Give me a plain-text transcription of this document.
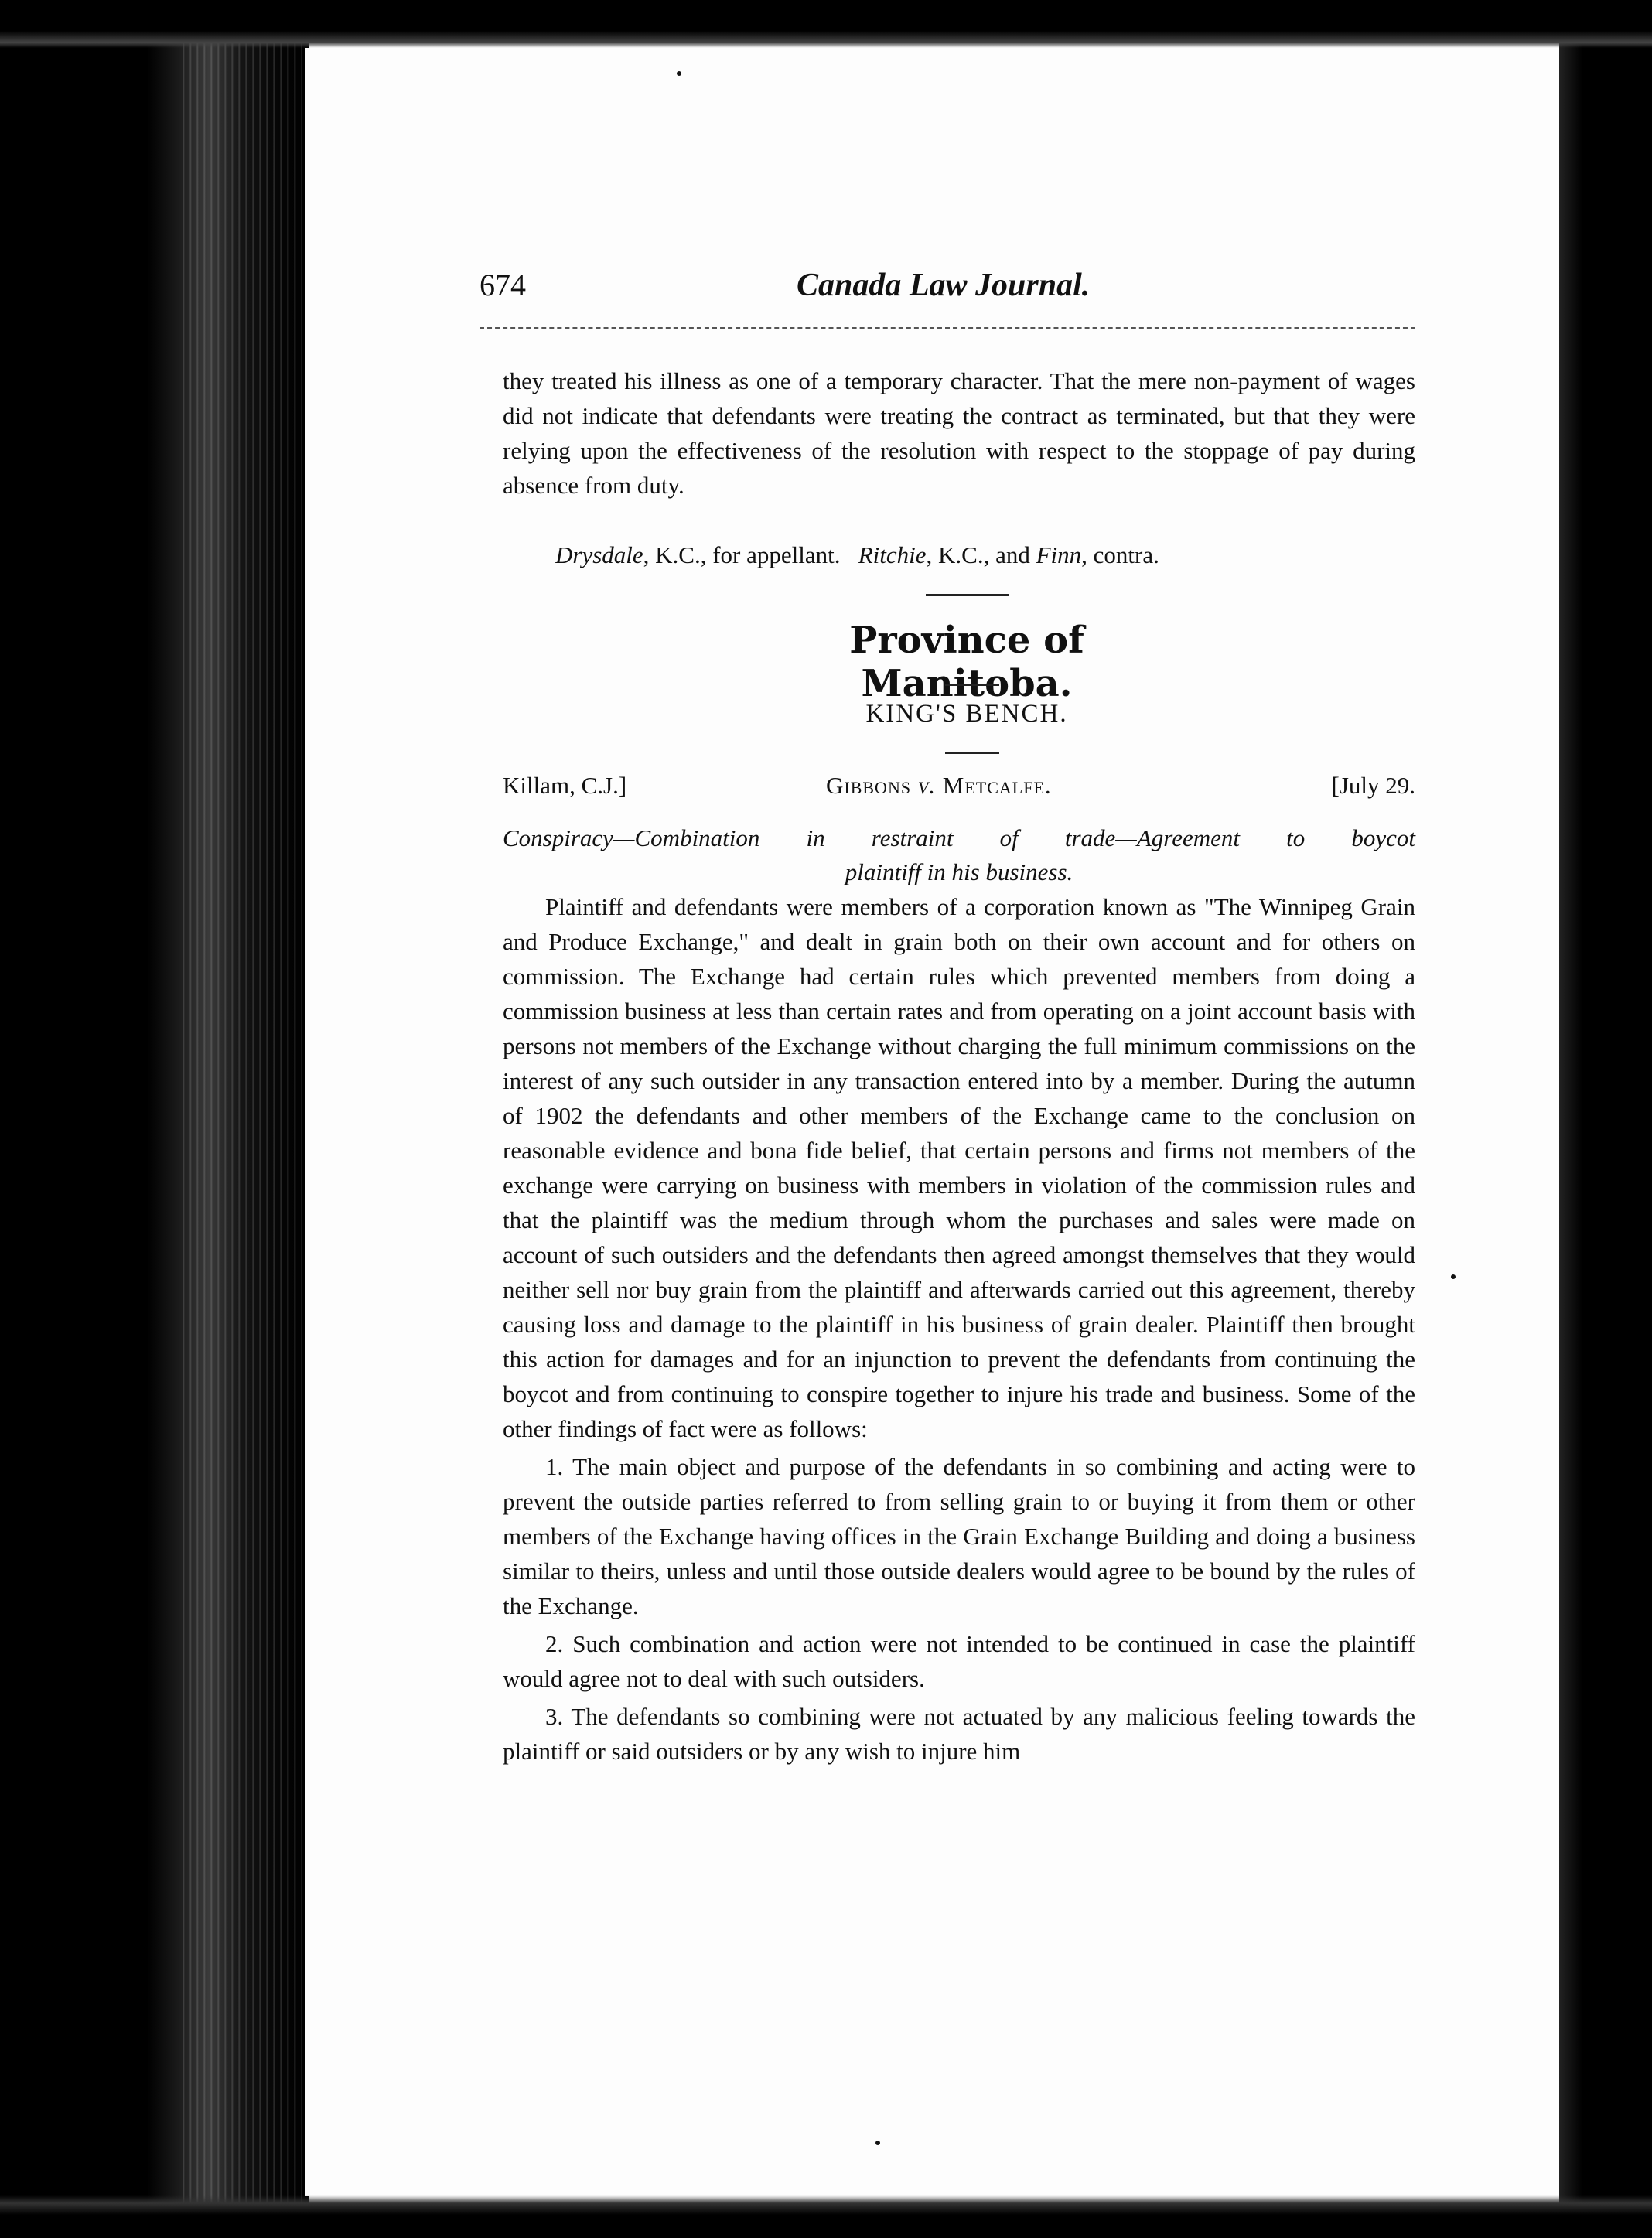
674	Canada Law Journal.

they treated his illness as one of a temporary character. That the mere non-payment of wages did not indicate that defendants were treating the contract as terminated, but that they were relying upon the effectiveness of the resolution with respect to the stoppage of pay during absence from duty.

Drysdale, K.C., for appellant. Ritchie, K.C., and Finn, contra.

Province of Manitoba.
KING'S BENCH.
Killam, C.J.]	Gibbons v. Metcalfe.	[July 29.
Conspiracy—Combination in restraint of trade—Agreement to boycot
plaintiff in his business.

Plaintiff and defendants were members of a corporation known as "The Winnipeg Grain and Produce Exchange," and dealt in grain both on their own account and for others on commission. The Exchange had certain rules which prevented members from doing a commission business at less than certain rates and from operating on a joint account basis with persons not members of the Exchange without charging the full minimum commissions on the interest of any such outsider in any transaction entered into by a member. During the autumn of 1902 the defendants and other members of the Exchange came to the conclusion on reasonable evidence and bona fide belief, that certain persons and firms not members of the exchange were carrying on business with members in violation of the commission rules and that the plaintiff was the medium through whom the purchases and sales were made on account of such outsiders and the defendants then agreed amongst themselves that they would neither sell nor buy grain from the plaintiff and afterwards carried out this agreement, thereby causing loss and damage to the plaintiff in his business of grain dealer. Plaintiff then brought this action for damages and for an injunction to prevent the defendants from continuing the boycot and from continuing to conspire together to injure his trade and business. Some of the other findings of fact were as follows:

1. The main object and purpose of the defendants in so combining and acting were to prevent the outside parties referred to from selling grain to or buying it from them or other members of the Exchange having offices in the Grain Exchange Building and doing a business similar to theirs, unless and until those outside dealers would agree to be bound by the rules of the Exchange.

2. Such combination and action were not intended to be continued in case the plaintiff would agree not to deal with such outsiders.

3. The defendants so combining were not actuated by any malicious feeling towards the plaintiff or said outsiders or by any wish to injure him
